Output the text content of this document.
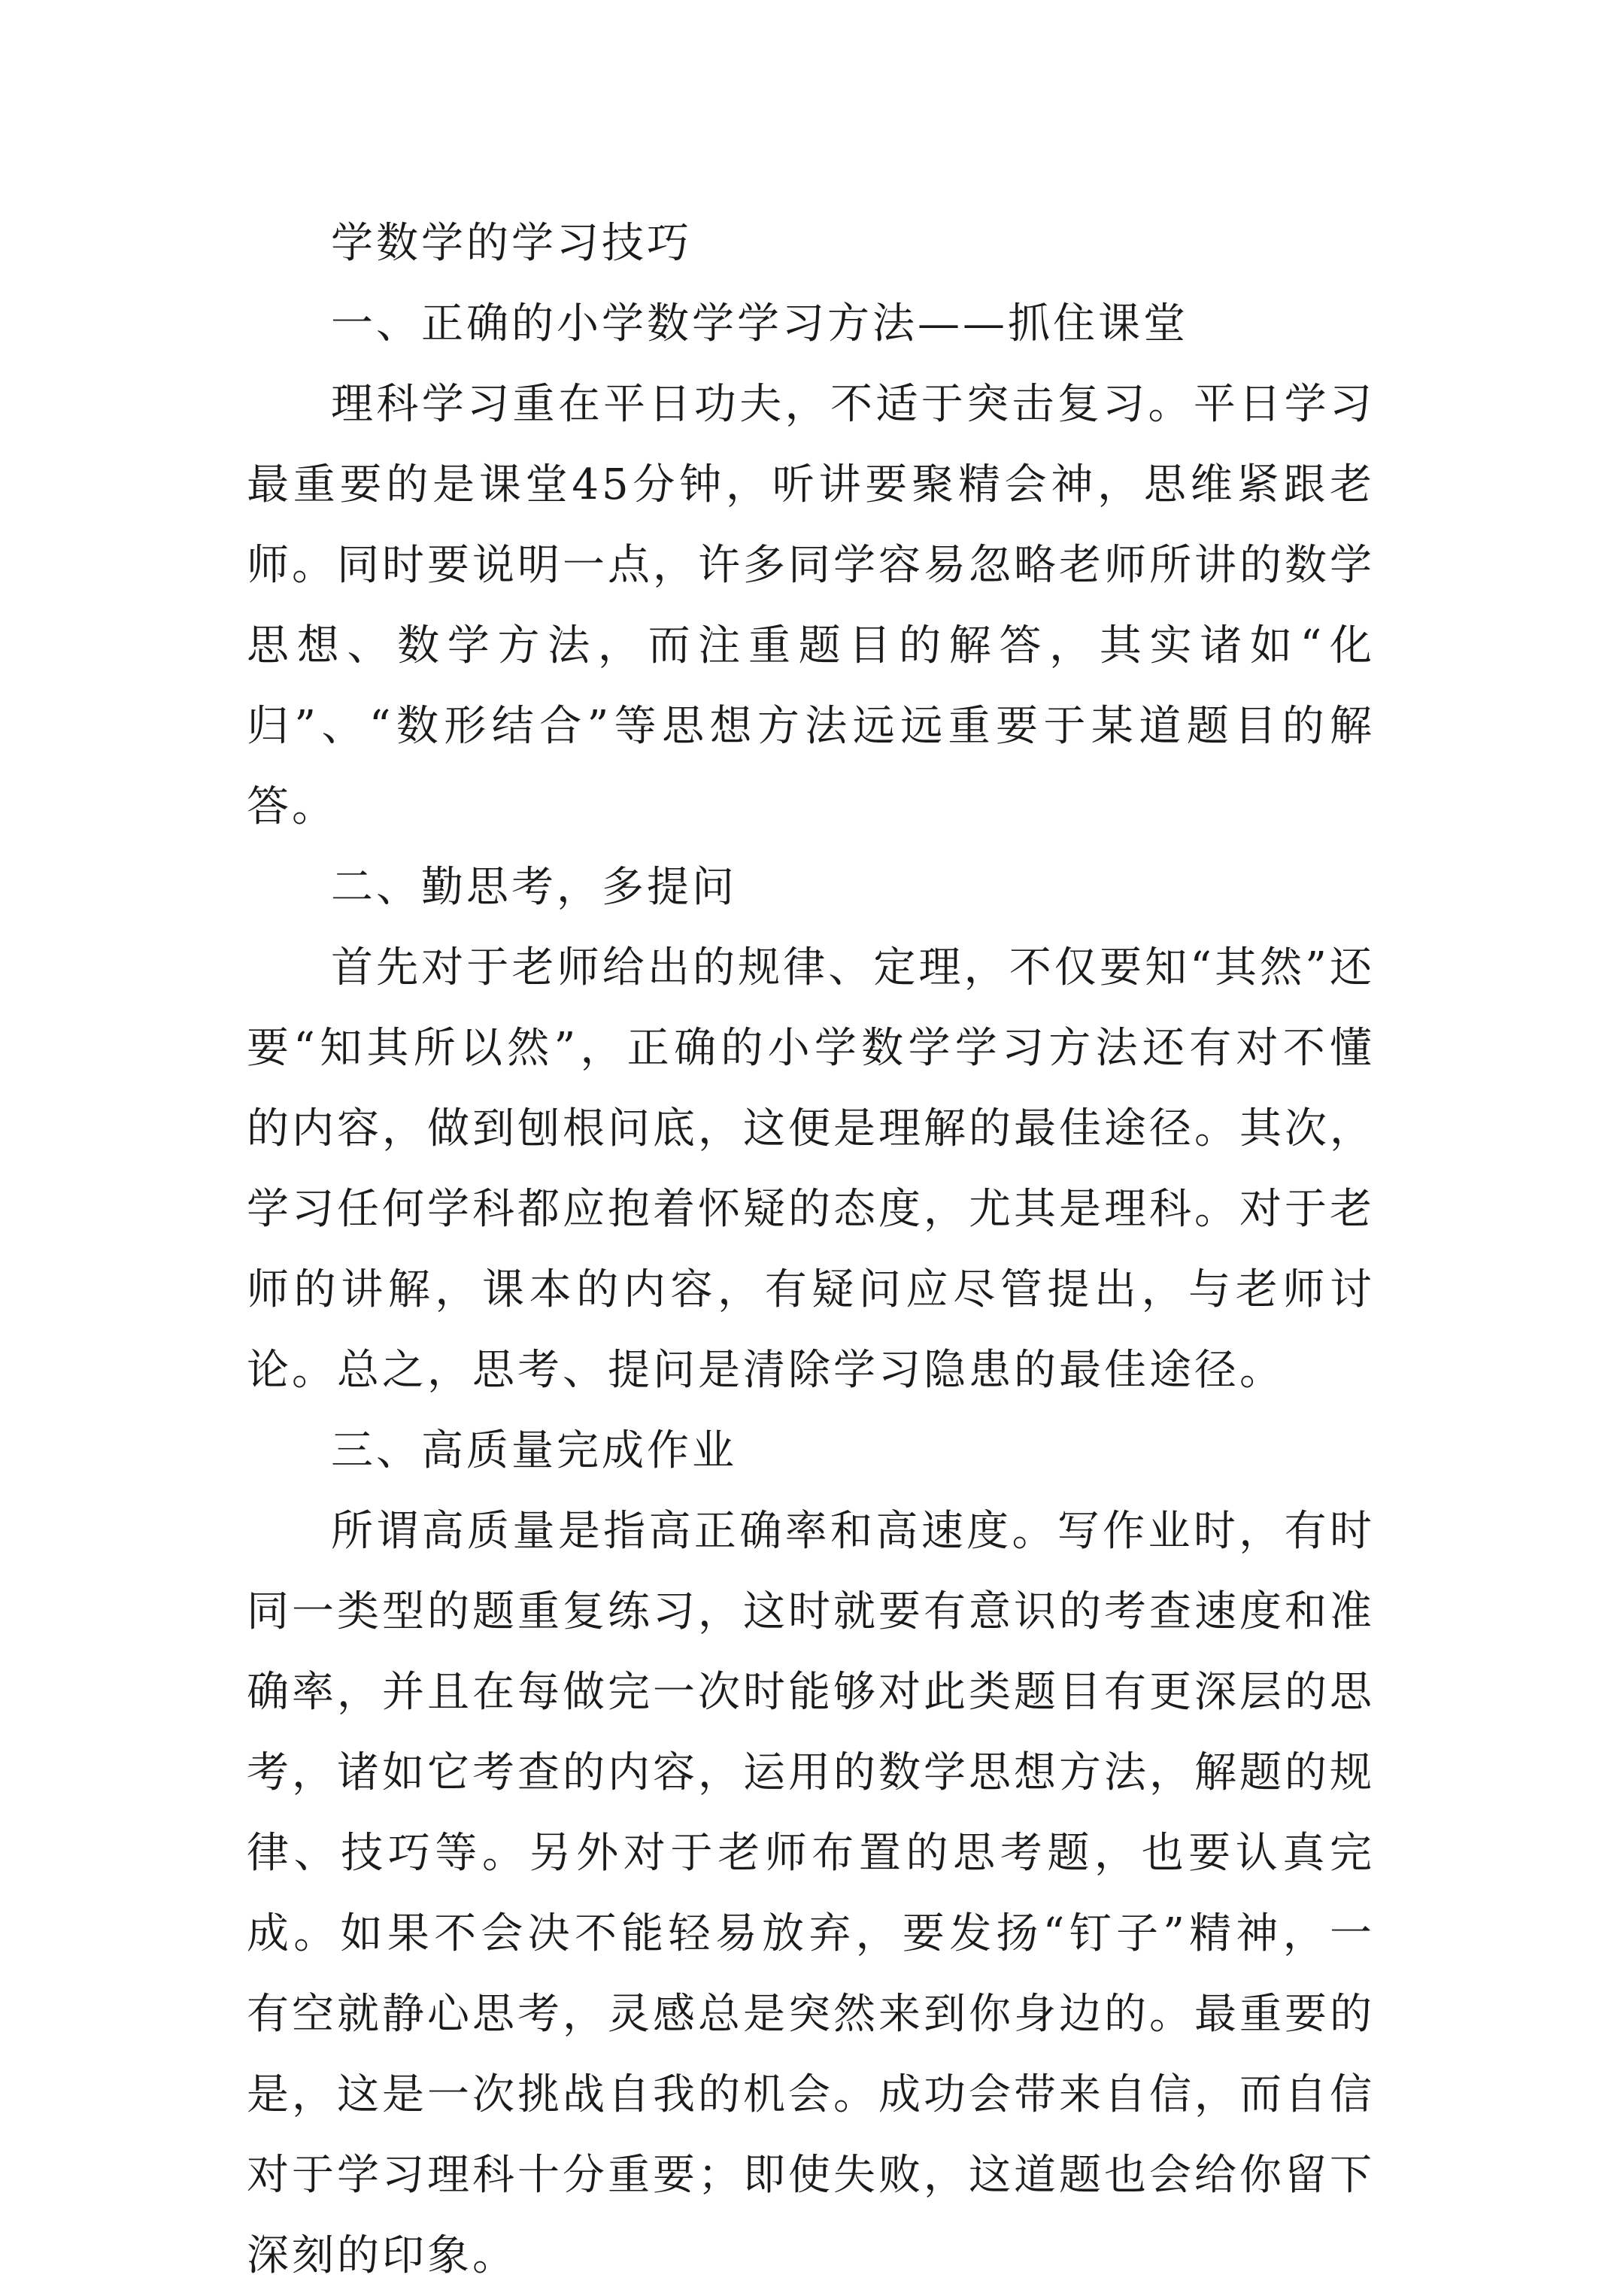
学数学的学习技巧

一、正确的小学数学学习方法——抓住课堂

理科学习重在平日功夫，不适于突击复习。平日学习最重要的是课堂45分钟，听讲要聚精会神，思维紧跟老师。同时要说明一点，许多同学容易忽略老师所讲的数学思想、数学方法，而注重题目的解答，其实诸如“化归”、“数形结合”等思想方法远远重要于某道题目的解答。

二、勤思考，多提问

首先对于老师给出的规律、定理，不仅要知“其然”还要“知其所以然”，正确的小学数学学习方法还有对不懂的内容，做到刨根问底，这便是理解的最佳途径。其次，学习任何学科都应抱着怀疑的态度，尤其是理科。对于老师的讲解，课本的内容，有疑问应尽管提出，与老师讨论。总之，思考、提问是清除学习隐患的最佳途径。

三、高质量完成作业

所谓高质量是指高正确率和高速度。写作业时，有时同一类型的题重复练习，这时就要有意识的考查速度和准确率，并且在每做完一次时能够对此类题目有更深层的思考，诸如它考查的内容，运用的数学思想方法，解题的规律、技巧等。另外对于老师布置的思考题，也要认真完成。如果不会决不能轻易放弃，要发扬“钉子”精神，一有空就静心思考，灵感总是突然来到你身边的。最重要的是，这是一次挑战自我的机会。成功会带来自信，而自信对于学习理科十分重要；即使失败，这道题也会给你留下深刻的印象。
